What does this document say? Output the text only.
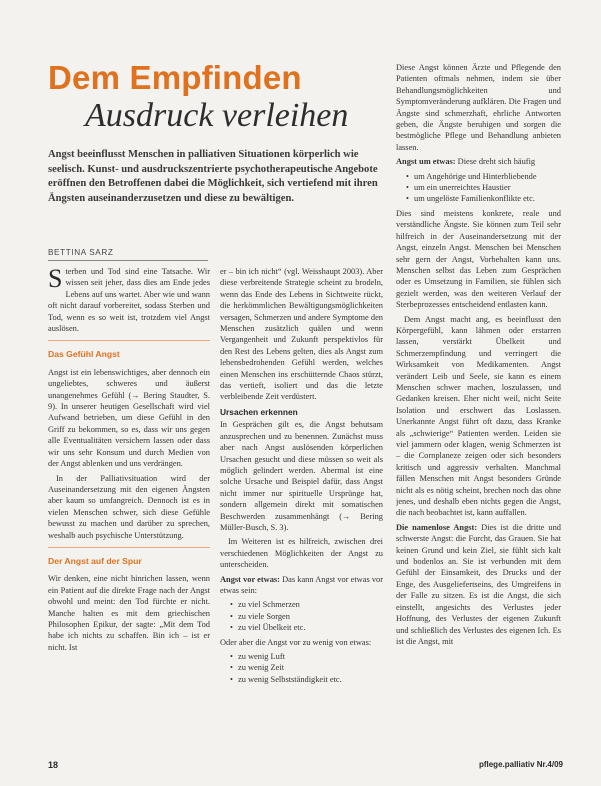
Dem Empfinden
Ausdruck verleihen
Angst beeinflusst Menschen in palliativen Situationen körperlich wie seelisch. Kunst- und ausdruckszentrierte psychotherapeutische Angebote eröffnen den Betroffenen dabei die Möglichkeit, sich vertiefend mit ihren Ängsten auseinanderzusetzen und diese zu bewältigen.
BETTINA SARZ

Sterben und Tod sind eine Tatsache. Wir wissen seit jeher, dass dies am Ende jedes Lebens auf uns wartet. Aber wie und wann oft nicht darauf vorbereitet, sodass Sterben und Tod, wenn es so weit ist, trotzdem viel Angst auslösen.

Das Gefühl Angst

Angst ist ein lebenswichtiges, aber dennoch ein ungeliebtes, schweres und äußerst unangenehmes Gefühl (→ Bering Staudter, S. 9). In unserer heutigen Gesellschaft wird viel Aufwand betrieben, um diese Gefühl in den Griff zu bekommen, so es, dass wir uns gegen alle Eventualitäten versichern lassen oder dass wir uns sehr Konsum und durch Medien von der Angst ablenken und uns verdrängen.

In der Palliativsituation wird der Auseinandersetzung mit den eigenen Ängsten aber kaum so umfangreich. Dennoch ist es in vielen Menschen schwer, sich diese Gefühle bewusst zu machen und darüber zu sprechen, weshalb auch psychische Unterstützung.

Der Angst auf der Spur

Wir denken, eine nicht hinrichen lassen, wenn ein Patient auf die direkte Frage nach der Angst obwohl und meint: den Tod fürchte er nicht. Manche halten es mit dem griechischen Philosophen Epikur, der sagte: „Mit dem Tod habe ich nichts zu schaffen. Bin ich – ist er nicht. Ist

er – bin ich nicht“ (vgl. Weisshaupt 2003). Aber diese verbreitende Strategie scheint zu brodeln, wenn das Ende des Lebens in Sichtweite rückt, die herkömmlichen Bewältigungsmöglichkeiten versagen, Schmerzen und andere Symptome den Menschen zusätzlich quälen und wenn Vergangenheit und Zukunft perspektivlos für den Rest des Lebens gelten, dies als Angst zum lebensbedrohenden Gefühl werden, welches einen Menschen ins erschütternde Chaos stürzt, das vertieft, isoliert und das die letzte verbleibende Zeit verdüstert.

Ursachen erkennen

In Gesprächen gilt es, die Angst behutsam anzusprechen und zu benennen. Zunächst muss aber nach Angst auslösenden körperlichen Ursachen gesucht und diese müssen so weit als möglich gelindert werden. Abermal ist eine solche Ursache und Beispiel dafür, dass Angst nicht immer nur spirituelle Ursprünge hat, sondern allgemein direkt mit somatischen Beschwerden zusammenhängt (→ Bering Müller-Busch, S. 3).

Im Weiteren ist es hilfreich, zwischen drei verschiedenen Möglichkeiten der Angst zu unterscheiden.

Angst vor etwas: Das kann Angst vor etwas vor etwas sein:

• zu viel Schmerzen
• zu viele Sorgen
• zu viel Übelkeit etc.

Oder aber die Angst vor zu wenig von etwas:

• zu wenig Luft
• zu wenig Zeit
• zu wenig Selbstständigkeit etc.

Diese Angst können Ärzte und Pflegende den Patienten oftmals nehmen, indem sie über Behandlungsmöglichkeiten und Symptomveränderung aufklären. Die Fragen und Ängste sind schmerzhaft, ehrliche Antworten geben, die Ängste beruhigen und sorgen die bestmögliche Pflege und Behandlung anbieten lassen.

Angst um etwas: Diese dreht sich häufig

• um Angehörige und Hinterbliebende
• um ein unerreichtes Haustier
• um ungelöste Familienkonflikte etc.

Dies sind meistens konkrete, reale und verständliche Ängste. Sie können zum Teil sehr hilfreich in der Auseinandersetzung mit der Angst, einzeln Angst. Menschen bei Menschen sehr gern der Angst, Vorbehalten kann uns. Menschen selbst das Leben zum Gesprächen oder es Umsetzung in Familien, sie fühlen sich gezielt werden, was den weiteren Verlauf der Sterbeprozesses entscheidend entlasten kann.

Dem Angst macht ang, es beeinflusst den Körpergefühl, kann lähmen oder erstarren lassen, verstärkt Übelkeit und Schmerzempfindung und verringert die Wirksamkeit von Medikamenten. Angst verändert Leib und Seele, sie kann es einem Menschen schwer machen, loszulassen, und Gedanken kreisen. Eher nicht weil, nicht Seite Isolation und erschwert das Loslassen. Unerkannte Angst führt oft dazu, dass Kranke als „schwierige“ Patienten werden. Leiden sie viel jammern oder klagen, wenig Schmerzen ist – die Cornplaneze zeigen oder sich besonders kritisch und aggressiv verhalten. Manchmal fällen Menschen mit Angst besonders Gründe nicht als es nötig scheint, brechen noch das ohne jenes, und deshalb eben nichts gegen die Angst, die nach beobachtet ist, kann auffallen.

Die namenlose Angst: Dies ist die dritte und schwerste Angst: die Furcht, das Grauen. Sie hat keinen Grund und kein Ziel, sie fühlt sich kalt und bodenlos an. Sie ist verbunden mit dem Gefühl der Einsamkeit, des Drucks und der Enge, des Ausgeliefertseins, des Umgreifens in der Falle zu sitzen. Es ist die Angst, die sich einstellt, angesichts des Verlustes jeder Hoffnung, des Verlustes der eigenen Zukunft und schließlich des Verlustes des eigenen Ich. Es ist die Angst, mit

18	pflege.palliativ Nr.4/09
